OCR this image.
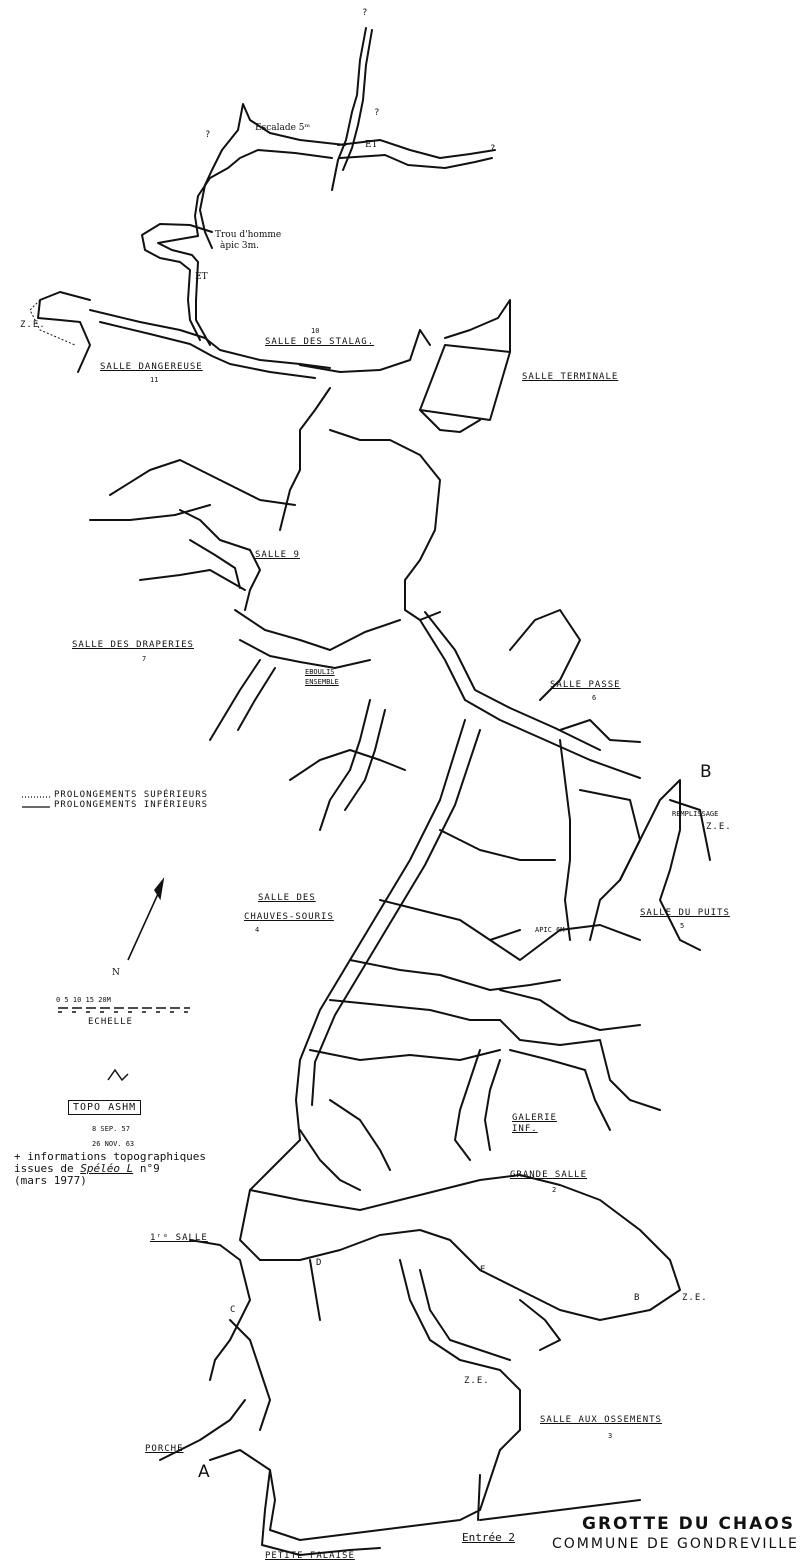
?
?
?
?
Escalade 5ᵐ
ET
Trou d'homme
àpic 3m.
ET
Z.E.
10
SALLE DES STALAG.
SALLE DANGEREUSE
11	SALLE TERMINALE
SALLE 9
SALLE DES DRAPERIES
7
EBOULIS
ENSEMBLE	SALLE PASSE
6
B
REMPLISSAGE
Z.E.
PROLONGEMENTS SUPÉRIEURS
PROLONGEMENTS INFÉRIEURS
SALLE DU PUITS
5
SALLE DES
CHAUVES-SOURIS
4	APIC 6M
N
0 5 10 15 20M
ECHELLE
TOPO ASHM
8 SEP. 57
26 NOV. 63
+ informations topographiques
issues de Spéléo L n°9
(mars 1977)
GALERIE
INF.
GRANDE SALLE
2
1ʳᵉ SALLE
C
D
E
B	Z.E.
Z.E.
SALLE AUX OSSEMENTS
3
PORCHE
A
Entrée 2
GROTTE DU CHAOS
COMMUNE DE GONDREVILLE
PETITE FALAISE
